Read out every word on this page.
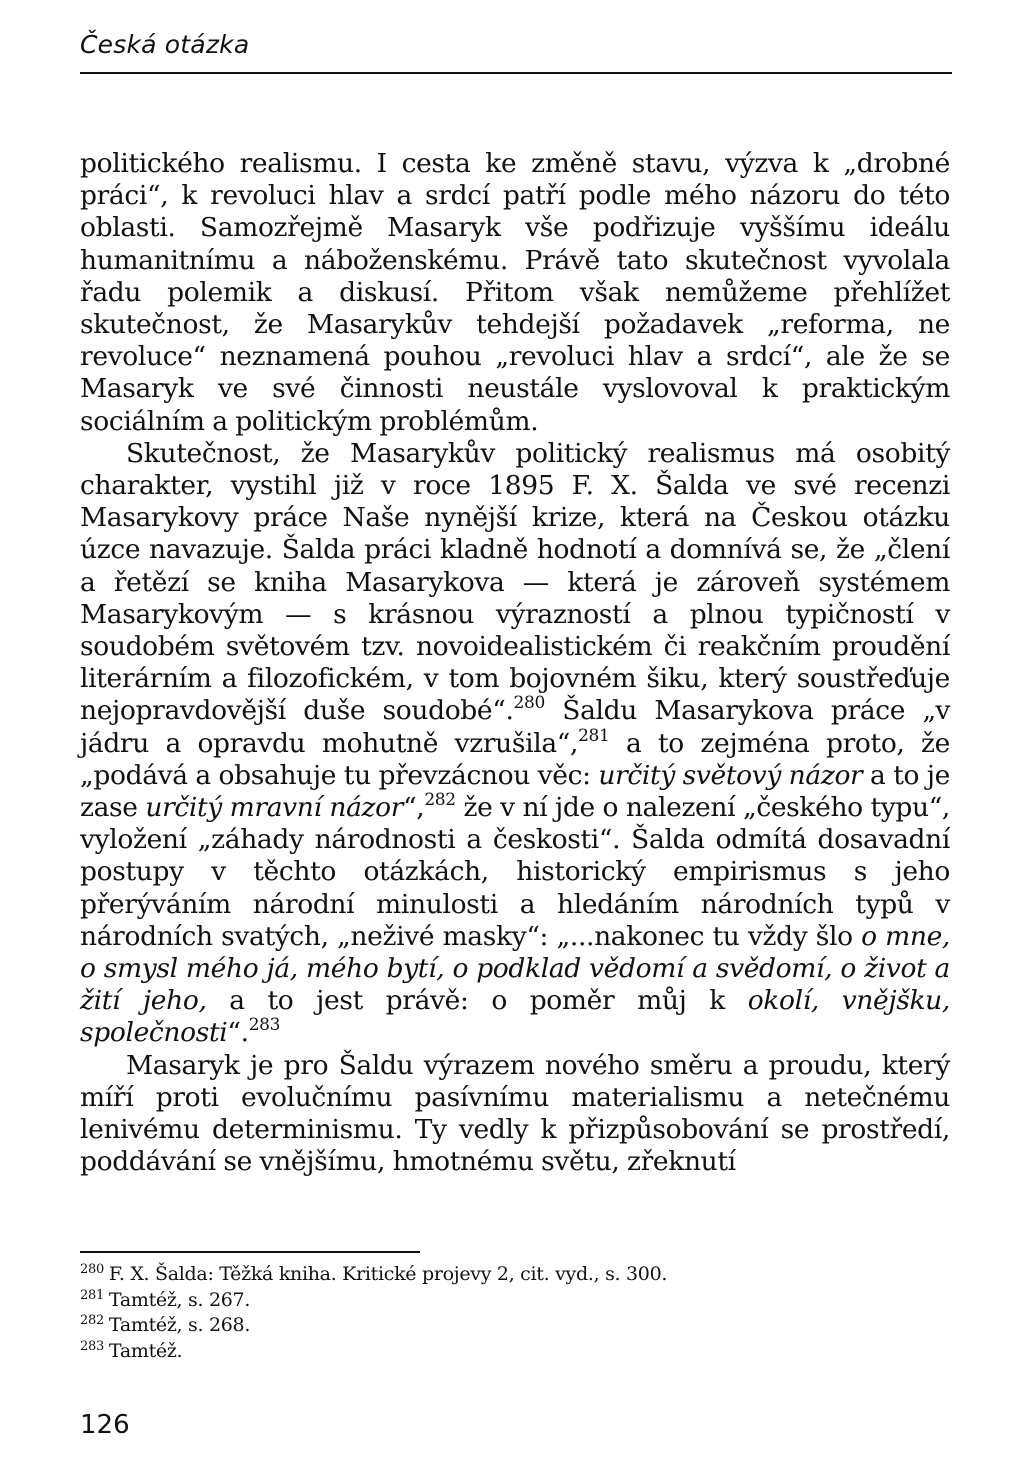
Česká otázka

politického realismu. I cesta ke změně stavu, výzva k „drobné práci“, k revoluci hlav a srdcí patří podle mého názoru do této oblasti. Samozřejmě Masaryk vše podřizuje vyššímu ideálu humanitnímu a náboženskému. Právě tato skutečnost vyvolala řadu polemik a diskusí. Přitom však nemůžeme přehlížet skutečnost, že Masarykův tehdejší požadavek „reforma, ne revoluce“ neznamená pouhou „revoluci hlav a srdcí“, ale že se Masaryk ve své činnosti neustále vyslovoval k praktickým sociálním a politickým problémům.

Skutečnost, že Masarykův politický realismus má osobitý charakter, vystihl již v roce 1895 F. X. Šalda ve své recenzi Masarykovy práce Naše nynější krize, která na Českou otázku úzce navazuje. Šalda práci kladně hodnotí a domnívá se, že „člení a řetězí se kniha Masarykova — která je zároveň systémem Masarykovým — s krásnou výrazností a plnou typičností v soudobém světovém tzv. novoidealistickém či reakčním proudění literárním a filozofickém, v tom bojovném šiku, který soustřeďuje nejopravdovější duše soudobé“.$^{280}$ Šaldu Masarykova práce „v jádru a opravdu mohutně vzrušila“,$^{281}$ a to zejména proto, že „podává a obsahuje tu převzácnou věc: určitý světový názor a to je zase určitý mravní názor“,$^{282}$ že v ní jde o nalezení „českého typu“, vyložení „záhady národnosti a českosti“. Šalda odmítá dosavadní postupy v těchto otázkách, historický empirismus s jeho přerýváním národní minulosti a hledáním národních typů v národních svatých, „neživé masky“: „...nakonec tu vždy šlo o mne, o smysl mého já, mého bytí, o podklad vědomí a svědomí, o život a žití jeho, a to jest právě: o poměr můj k okolí, vnějšku, společnosti“.$^{283}$

Masaryk je pro Šaldu výrazem nového směru a proudu, který míří proti evolučnímu pasívnímu materialismu a netečnému lenivému determinismu. Ty vedly k přizpůsobování se prostředí, poddávání se vnějšímu, hmotnému světu, zřeknutí

$^{280}$ F. X. Šalda: Těžká kniha. Kritické projevy 2, cit. vyd., s. 300.

$^{281}$ Tamtéž, s. 267.

$^{282}$ Tamtéž, s. 268.

$^{283}$ Tamtéž.

126
